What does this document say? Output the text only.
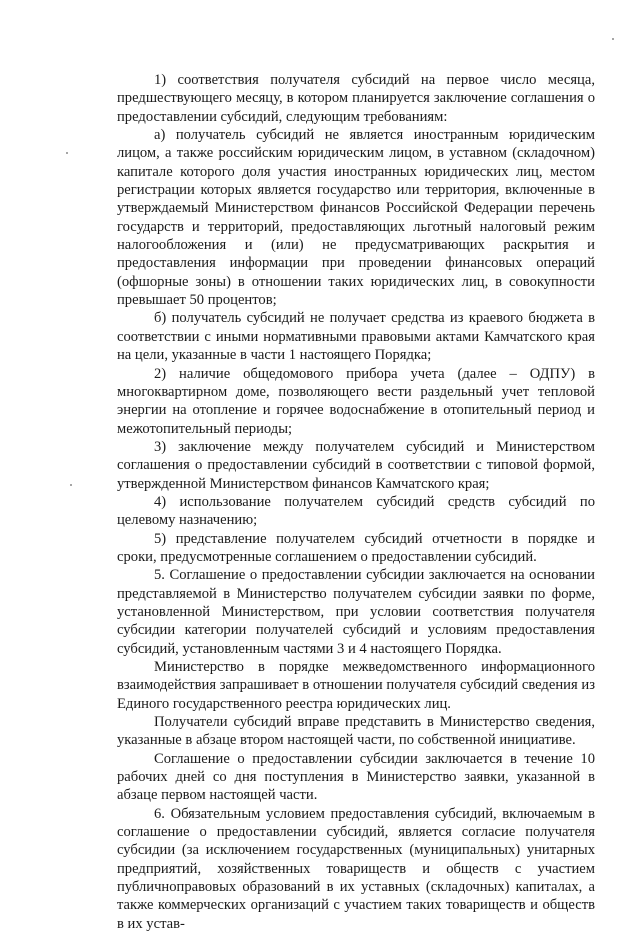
1) соответствия получателя субсидий на первое число месяца, предшествующего месяцу, в котором планируется заключение соглашения о предоставлении субсидий, следующим требованиям:

а) получатель субсидий не является иностранным юридическим лицом, а также российским юридическим лицом, в уставном (складочном) капитале которого доля участия иностранных юридических лиц, местом регистрации которых является государство или территория, включенные в утверждаемый Министерством финансов Российской Федерации перечень государств и территорий, предоставляющих льготный налоговый режим налогообложения и (или) не предусматривающих раскрытия и предоставления информации при проведении финансовых операций (офшорные зоны) в отношении таких юридических лиц, в совокупности превышает 50 процентов;

б) получатель субсидий не получает средства из краевого бюджета в соответствии с иными нормативными правовыми актами Камчатского края на цели, указанные в части 1 настоящего Порядка;

2) наличие общедомового прибора учета (далее – ОДПУ) в многоквартирном доме, позволяющего вести раздельный учет тепловой энергии на отопление и горячее водоснабжение в отопительный период и межотопительный периоды;

3) заключение между получателем субсидий и Министерством соглашения о предоставлении субсидий в соответствии с типовой формой, утвержденной Министерством финансов Камчатского края;

4) использование получателем субсидий средств субсидий по целевому назначению;

5) представление получателем субсидий отчетности в порядке и сроки, предусмотренные соглашением о предоставлении субсидий.

5. Соглашение о предоставлении субсидии заключается на основании представляемой в Министерство получателем субсидии заявки по форме, установленной Министерством, при условии соответствия получателя субсидии категории получателей субсидий и условиям предоставления субсидий, установленным частями 3 и 4 настоящего Порядка.

Министерство в порядке межведомственного информационного взаимодействия запрашивает в отношении получателя субсидий сведения из Единого государственного реестра юридических лиц.

Получатели субсидий вправе представить в Министерство сведения, указанные в абзаце втором настоящей части, по собственной инициативе.

Соглашение о предоставлении субсидии заключается в течение 10 рабочих дней со дня поступления в Министерство заявки, указанной в абзаце первом настоящей части.

6. Обязательным условием предоставления субсидий, включаемым в соглашение о предоставлении субсидий, является согласие получателя субсидии (за исключением государственных (муниципальных) унитарных предприятий, хозяйственных товариществ и обществ с участием публичноправовых образований в их уставных (складочных) капиталах, а также коммерческих организаций с участием таких товариществ и обществ в их устав-
